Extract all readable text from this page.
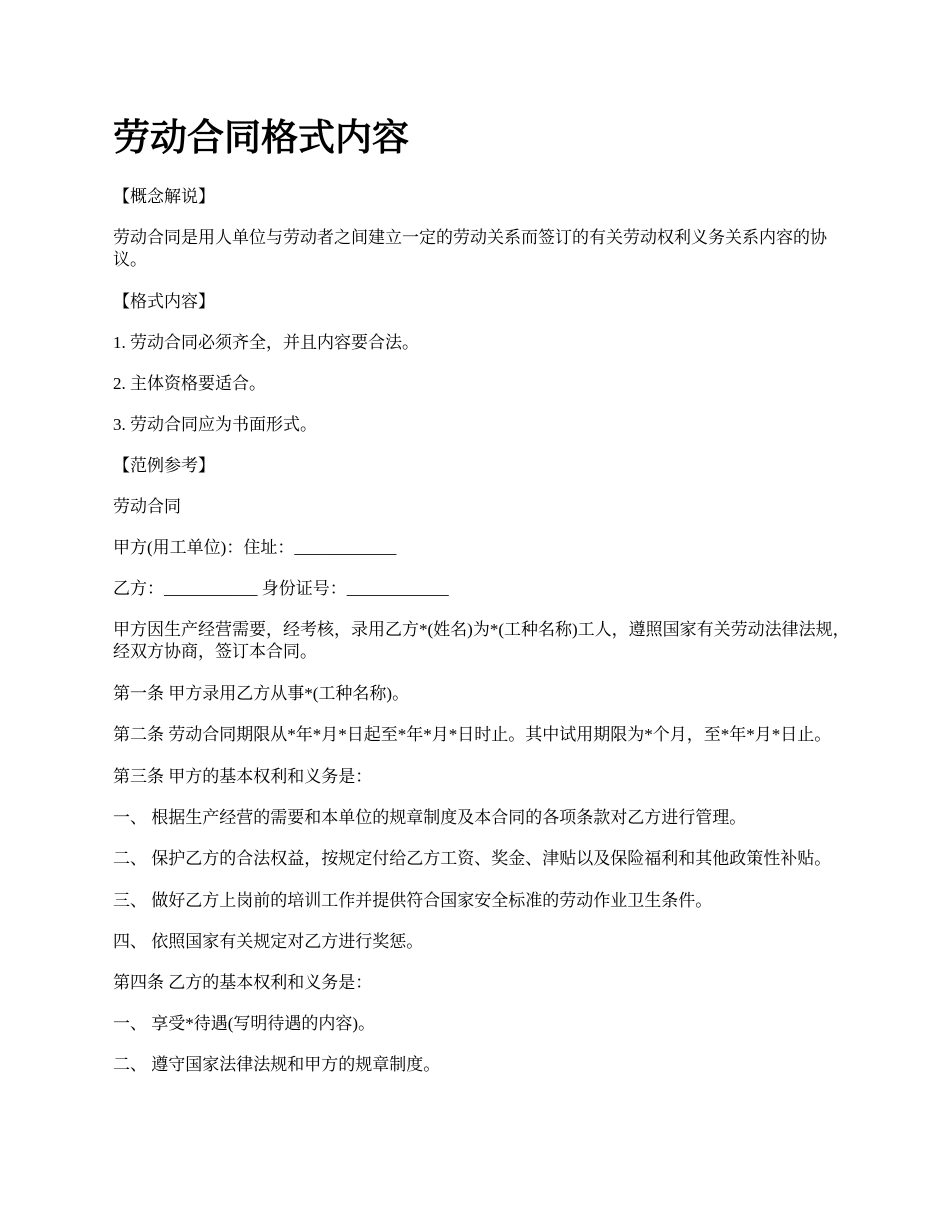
劳动合同格式内容

【概念解说】

劳动合同是用人单位与劳动者之间建立一定的劳动关系而签订的有关劳动权利义务关系内容的协议。

【格式内容】

1. 劳动合同必须齐全，并且内容要合法。

2. 主体资格要适合。

3. 劳动合同应为书面形式。

【范例参考】

劳动合同

甲方(用工单位)：住址：____________

乙方：___________ 身份证号：____________

甲方因生产经营需要，经考核，录用乙方*(姓名)为*(工种名称)工人，遵照国家有关劳动法律法规，经双方协商，签订本合同。

第一条 甲方录用乙方从事*(工种名称)。

第二条 劳动合同期限从*年*月*日起至*年*月*日时止。其中试用期限为*个月，至*年*月*日止。

第三条 甲方的基本权利和义务是：

一、 根据生产经营的需要和本单位的规章制度及本合同的各项条款对乙方进行管理。

二、 保护乙方的合法权益，按规定付给乙方工资、奖金、津贴以及保险福利和其他政策性补贴。

三、 做好乙方上岗前的培训工作并提供符合国家安全标准的劳动作业卫生条件。

四、 依照国家有关规定对乙方进行奖惩。

第四条 乙方的基本权利和义务是：

一、 享受*待遇(写明待遇的内容)。

二、 遵守国家法律法规和甲方的规章制度。
